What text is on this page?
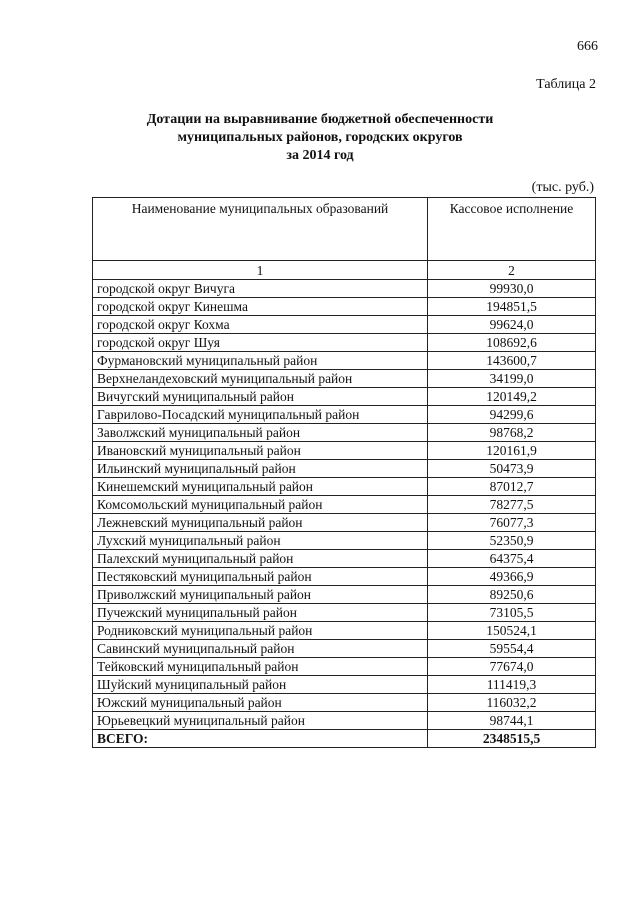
666
Таблица 2
Дотации на выравнивание бюджетной обеспеченности
муниципальных районов, городских округов
за 2014 год
(тыс. руб.)
Наименование муниципальных образований	Кассовое исполнение
1	2
городской округ Вичуга	99930,0
городской округ Кинешма	194851,5
городской округ Кохма	99624,0
городской округ Шуя	108692,6
Фурмановский муниципальный район	143600,7
Верхнеландеховский муниципальный район	34199,0
Вичугский муниципальный район	120149,2
Гаврилово-Посадский муниципальный район	94299,6
Заволжский муниципальный район	98768,2
Ивановский муниципальный район	120161,9
Ильинский муниципальный район	50473,9
Кинешемский муниципальный район	87012,7
Комсомольский муниципальный район	78277,5
Лежневский муниципальный район	76077,3
Лухский муниципальный район	52350,9
Палехский муниципальный район	64375,4
Пестяковский муниципальный район	49366,9
Приволжский муниципальный район	89250,6
Пучежский муниципальный район	73105,5
Родниковский муниципальный район	150524,1
Савинский муниципальный район	59554,4
Тейковский муниципальный район	77674,0
Шуйский муниципальный район	111419,3
Южский муниципальный район	116032,2
Юрьевецкий муниципальный район	98744,1
ВСЕГО:	2348515,5
